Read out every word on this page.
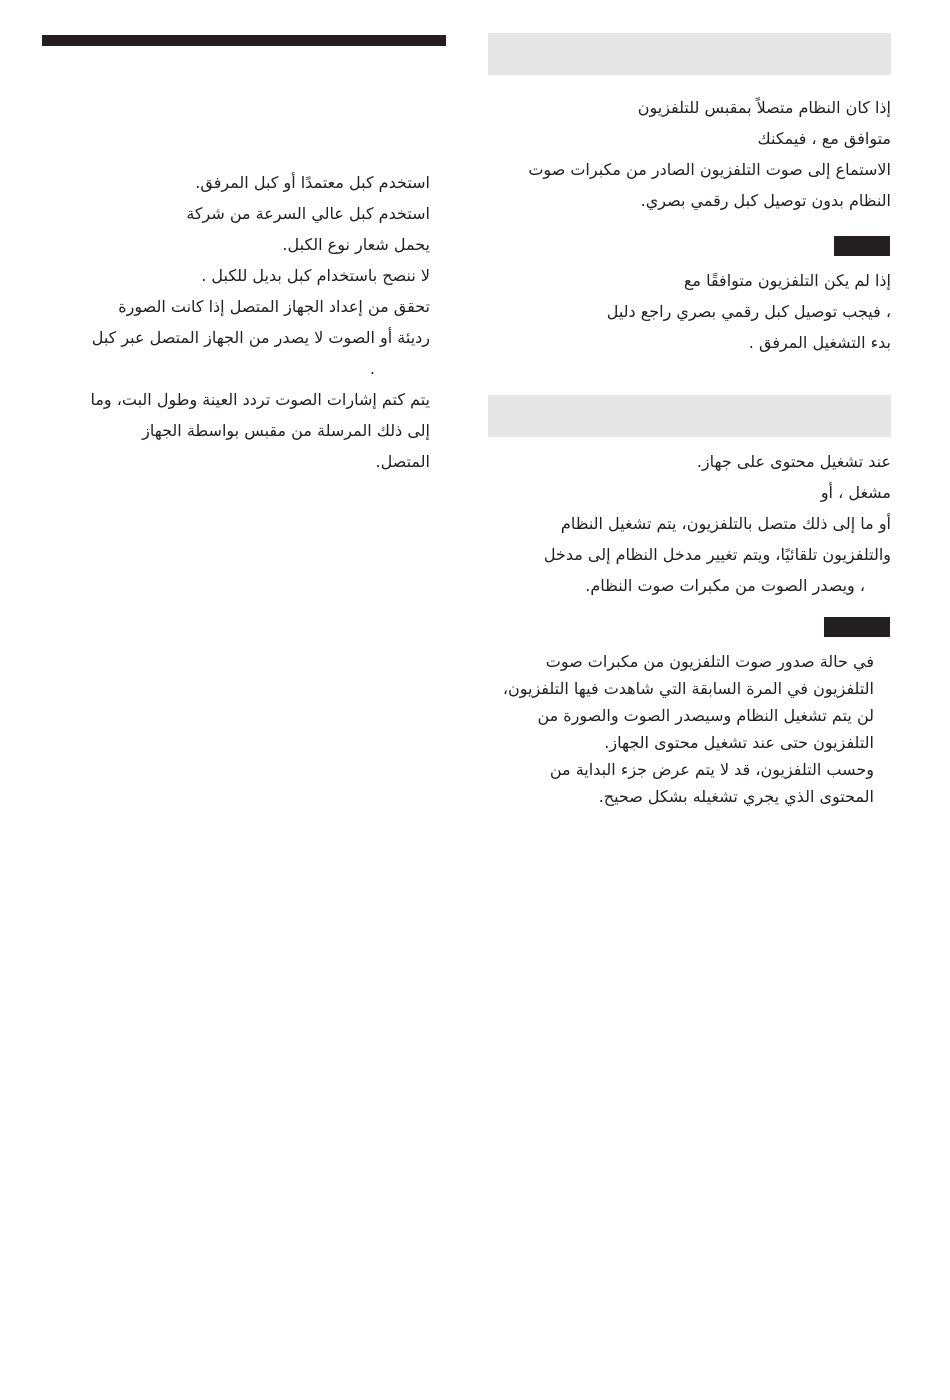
استخدم كبل معتمدًا أو كبل المرفق.
استخدم كبل عالي السرعة من شركة
يحمل شعار نوع الكبل.
لا ننصح باستخدام كبل بديل للكبل .
تحقق من إعداد الجهاز المتصل إذا كانت الصورة
رديئة أو الصوت لا يصدر من الجهاز المتصل عبر كبل
.
يتم كتم إشارات الصوت تردد العينة وطول البت، وما
إلى ذلك المرسلة من مقبس بواسطة الجهاز
المتصل.
إذا كان النظام متصلاً بمقبس للتلفزيون
متوافق مع ، فيمكنك
الاستماع إلى صوت التلفزيون الصادر من مكبرات صوت
النظام بدون توصيل كبل رقمي بصري.
إذا لم يكن التلفزيون متوافقًا مع
، فيجب توصيل كبل رقمي بصري راجع دليل
بدء التشغيل المرفق .
عند تشغيل محتوى على جهاز.
مشغل ، أو
أو ما إلى ذلك متصل بالتلفزيون، يتم تشغيل النظام
والتلفزيون تلقائيًا، ويتم تغيير مدخل النظام إلى مدخل
، ويصدر الصوت من مكبرات صوت النظام.
في حالة صدور صوت التلفزيون من مكبرات صوت
التلفزيون في المرة السابقة التي شاهدت فيها التلفزيون،
لن يتم تشغيل النظام وسيصدر الصوت والصورة من
التلفزيون حتى عند تشغيل محتوى الجهاز.
وحسب التلفزيون، قد لا يتم عرض جزء البداية من
المحتوى الذي يجري تشغيله بشكل صحيح.
